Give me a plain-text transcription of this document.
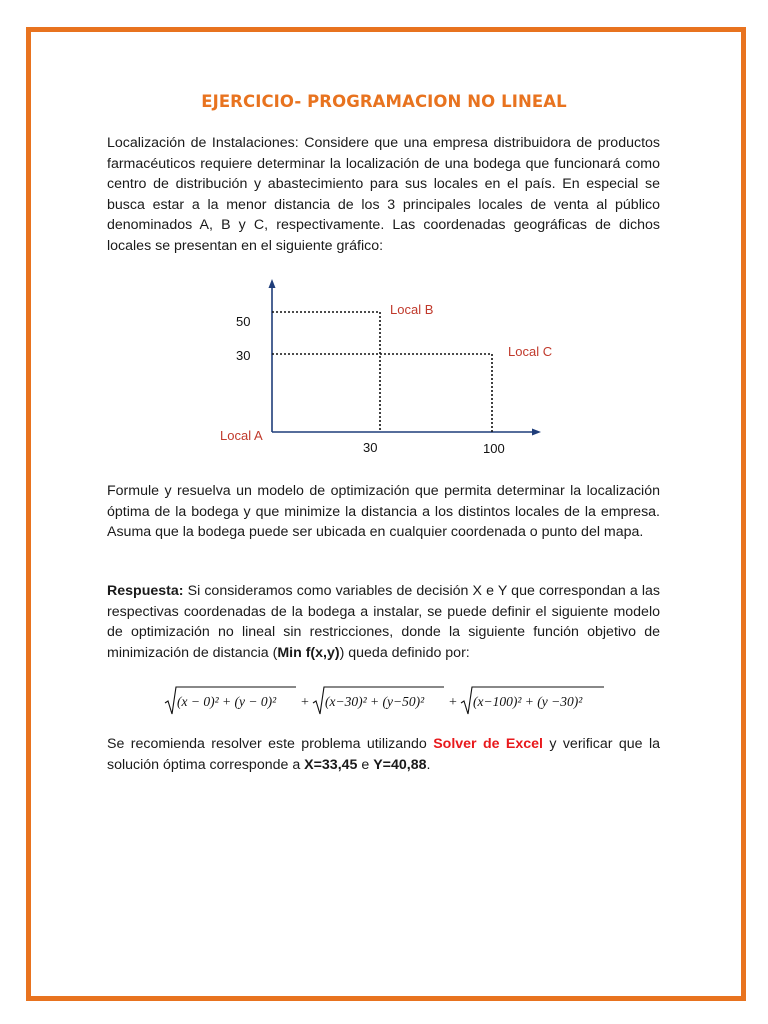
EJERCICIO- PROGRAMACION NO LINEAL

Localización de Instalaciones: Considere que una empresa distribuidora de productos farmacéuticos requiere determinar la localización de una bodega que funcionará como centro de distribución y abastecimiento para sus locales en el país. En especial se busca estar a la menor distancia de los 3 principales locales de venta al público denominados A, B y C, respectivamente. Las coordenadas geográficas de dichos locales se presentan en el siguiente gráfico:

50
30
30	100
Local B
Local C
Local A

Formule y resuelva un modelo de optimización que permita determinar la localización óptima de la bodega y que minimize la distancia a los distintos locales de la empresa. Asuma que la bodega puede ser ubicada en cualquier coordenada o punto del mapa.

Respuesta: Si consideramos como variables de decisión X e Y que correspondan a las respectivas coordenadas de la bodega a instalar, se puede definir el siguiente modelo de optimización no lineal sin restricciones, donde la siguiente función objetivo de minimización de distancia (Min f(x,y)) queda definido por:

(x − 0)² + (y − 0)² + (x−30)² + (y−50)² + (x−100)² + (y −30)²

Se recomienda resolver este problema utilizando Solver de Excel y verificar que la solución óptima corresponde a X=33,45 e Y=40,88.
